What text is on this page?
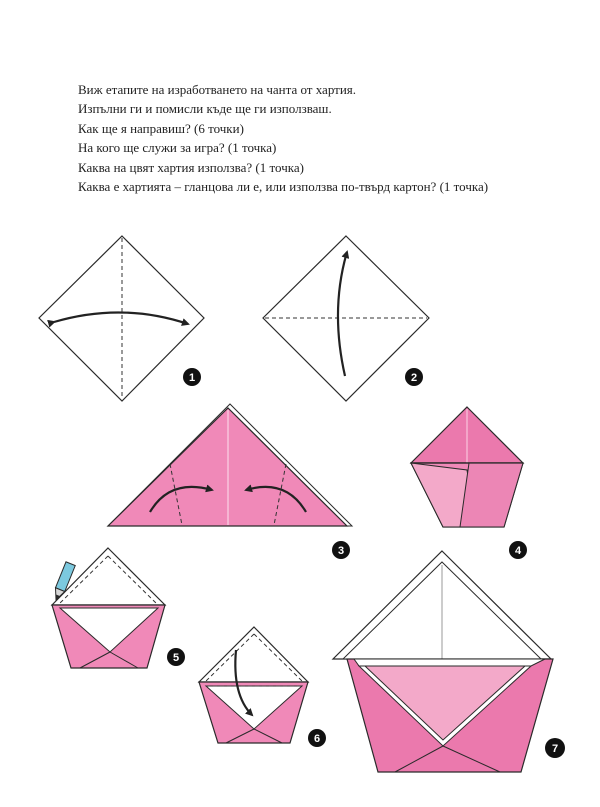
Виж етапите на изработването на чанта от хартия.
Изпълни ги и помисли къде ще ги използваш.
Как ще я направиш? (6 точки)
На кого ще служи за игра? (1 точка)
Каква на цвят хартия използва? (1 точка)
Каква е хартията – гланцова ли е, или използва по-твърд картон? (1 точка)
1	2
3	4
5
6
7
